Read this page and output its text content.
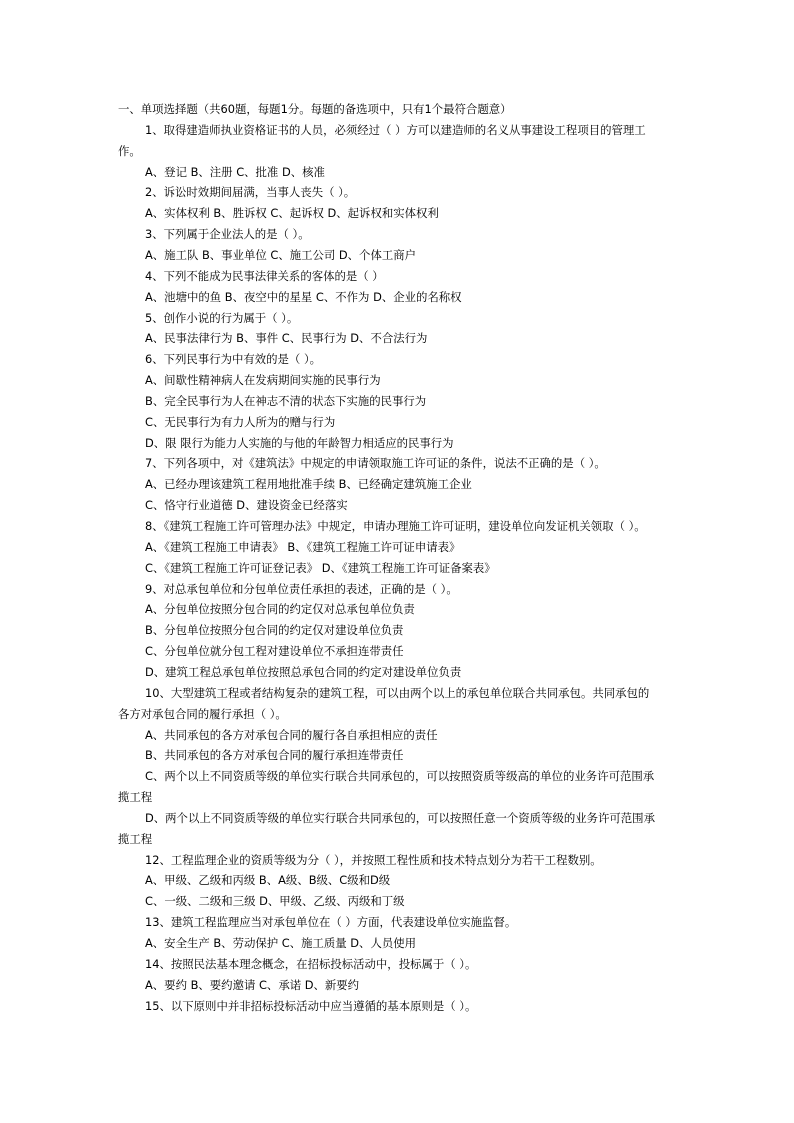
一、单项选择题（共60题，每题1分。每题的备选项中，只有1个最符合题意）
1、取得建造师执业资格证书的人员，必须经过（ ）方可以建造师的名义从事建设工程项目的管理工
作。
A、登记 B、注册 C、批准 D、核准
2、诉讼时效期间届满，当事人丧失（ ）。
A、实体权利 B、胜诉权 C、起诉权 D、起诉权和实体权利
3、下列属于企业法人的是（ ）。
A、施工队 B、事业单位 C、施工公司 D、个体工商户
4、下列不能成为民事法律关系的客体的是（ ）
A、池塘中的鱼 B、夜空中的星星 C、不作为 D、企业的名称权
5、创作小说的行为属于（ ）。
A、民事法律行为 B、事件 C、民事行为 D、不合法行为
6、下列民事行为中有效的是（ ）。
A、间歇性精神病人在发病期间实施的民事行为
B、完全民事行为人在神志不清的状态下实施的民事行为
C、无民事行为有力人所为的赠与行为
D、限 限行为能力人实施的与他的年龄智力相适应的民事行为
7、下列各项中，对《建筑法》中规定的申请领取施工许可证的条件，说法不正确的是（ ）。
A、已经办理该建筑工程用地批准手续 B、已经确定建筑施工企业
C、恪守行业道德 D、建设资金已经落实
8、《建筑工程施工许可管理办法》中规定，申请办理施工许可证明，建设单位向发证机关领取（ ）。
A、《建筑工程施工申请表》 B、《建筑工程施工许可证申请表》
C、《建筑工程施工许可证登记表》 D、《建筑工程施工许可证备案表》
9、对总承包单位和分包单位责任承担的表述，正确的是（ ）。
A、分包单位按照分包合同的约定仅对总承包单位负责
B、分包单位按照分包合同的约定仅对建设单位负责
C、分包单位就分包工程对建设单位不承担连带责任
D、建筑工程总承包单位按照总承包合同的约定对建设单位负责
10、大型建筑工程或者结构复杂的建筑工程，可以由两个以上的承包单位联合共同承包。共同承包的
各方对承包合同的履行承担（ ）。
A、共同承包的各方对承包合同的履行各自承担相应的责任
B、共同承包的各方对承包合同的履行承担连带责任
C、两个以上不同资质等级的单位实行联合共同承包的，可以按照资质等级高的单位的业务许可范围承
揽工程
D、两个以上不同资质等级的单位实行联合共同承包的，可以按照任意一个资质等级的业务许可范围承
揽工程
12、工程监理企业的资质等级为分（ ），并按照工程性质和技术特点划分为若干工程数别。
A、甲级、乙级和丙级 B、A级、B级、C级和D级
C、一级、二级和三级 D、甲级、乙级、丙级和丁级
13、建筑工程监理应当对承包单位在（ ）方面，代表建设单位实施监督。
A、安全生产 B、劳动保护 C、施工质量 D、人员使用
14、按照民法基本理念概念，在招标投标活动中，投标属于（ ）。
A、要约 B、要约邀请 C、承诺 D、新要约
15、以下原则中并非招标投标活动中应当遵循的基本原则是（ ）。
